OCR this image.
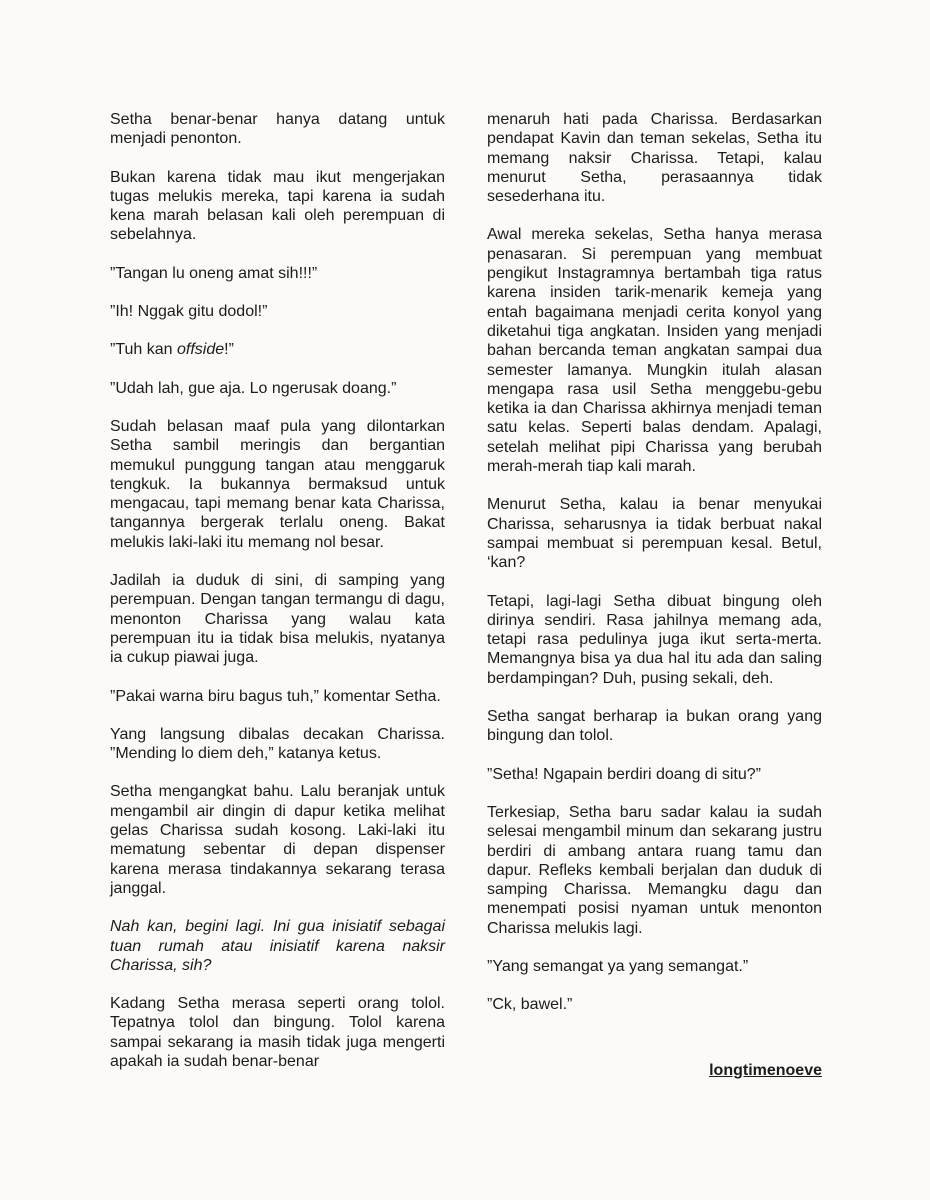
Setha benar-benar hanya datang untuk menjadi penonton.

Bukan karena tidak mau ikut mengerjakan tugas melukis mereka, tapi karena ia sudah kena marah belasan kali oleh perempuan di sebelahnya.

”Tangan lu oneng amat sih!!!”

”Ih! Nggak gitu dodol!”

”Tuh kan offside!”

”Udah lah, gue aja. Lo ngerusak doang.”

Sudah belasan maaf pula yang dilontarkan Setha sambil meringis dan bergantian memukul punggung tangan atau menggaruk tengkuk. Ia bukannya bermaksud untuk mengacau, tapi memang benar kata Charissa, tangannya bergerak terlalu oneng. Bakat melukis laki-laki itu memang nol besar.

Jadilah ia duduk di sini, di samping yang perempuan. Dengan tangan termangu di dagu, menonton Charissa yang walau kata perempuan itu ia tidak bisa melukis, nyatanya ia cukup piawai juga.

”Pakai warna biru bagus tuh,” komentar Setha.

Yang langsung dibalas decakan Charissa. ”Mending lo diem deh,” katanya ketus.

Setha mengangkat bahu. Lalu beranjak untuk mengambil air dingin di dapur ketika melihat gelas Charissa sudah kosong. Laki-laki itu mematung sebentar di depan dispenser karena merasa tindakannya sekarang terasa janggal.

Nah kan, begini lagi. Ini gua inisiatif sebagai tuan rumah atau inisiatif karena naksir Charissa, sih?

Kadang Setha merasa seperti orang tolol. Tepatnya tolol dan bingung. Tolol karena sampai sekarang ia masih tidak juga mengerti apakah ia sudah benar-benar

menaruh hati pada Charissa. Berdasarkan pendapat Kavin dan teman sekelas, Setha itu memang naksir Charissa. Tetapi, kalau menurut Setha, perasaannya tidak sesederhana itu.

Awal mereka sekelas, Setha hanya merasa penasaran. Si perempuan yang membuat pengikut Instagramnya bertambah tiga ratus karena insiden tarik-menarik kemeja yang entah bagaimana menjadi cerita konyol yang diketahui tiga angkatan. Insiden yang menjadi bahan bercanda teman angkatan sampai dua semester lamanya. Mungkin itulah alasan mengapa rasa usil Setha menggebu-gebu ketika ia dan Charissa akhirnya menjadi teman satu kelas. Seperti balas dendam. Apalagi, setelah melihat pipi Charissa yang berubah merah-merah tiap kali marah.

Menurut Setha, kalau ia benar menyukai Charissa, seharusnya ia tidak berbuat nakal sampai membuat si perempuan kesal. Betul, ‘kan?

Tetapi, lagi-lagi Setha dibuat bingung oleh dirinya sendiri. Rasa jahilnya memang ada, tetapi rasa pedulinya juga ikut serta-merta. Memangnya bisa ya dua hal itu ada dan saling berdampingan? Duh, pusing sekali, deh.

Setha sangat berharap ia bukan orang yang bingung dan tolol.

”Setha! Ngapain berdiri doang di situ?”

Terkesiap, Setha baru sadar kalau ia sudah selesai mengambil minum dan sekarang justru berdiri di ambang antara ruang tamu dan dapur. Refleks kembali berjalan dan duduk di samping Charissa. Memangku dagu dan menempati posisi nyaman untuk menonton Charissa melukis lagi.

”Yang semangat ya yang semangat.”

”Ck, bawel.”

longtimenoeve
